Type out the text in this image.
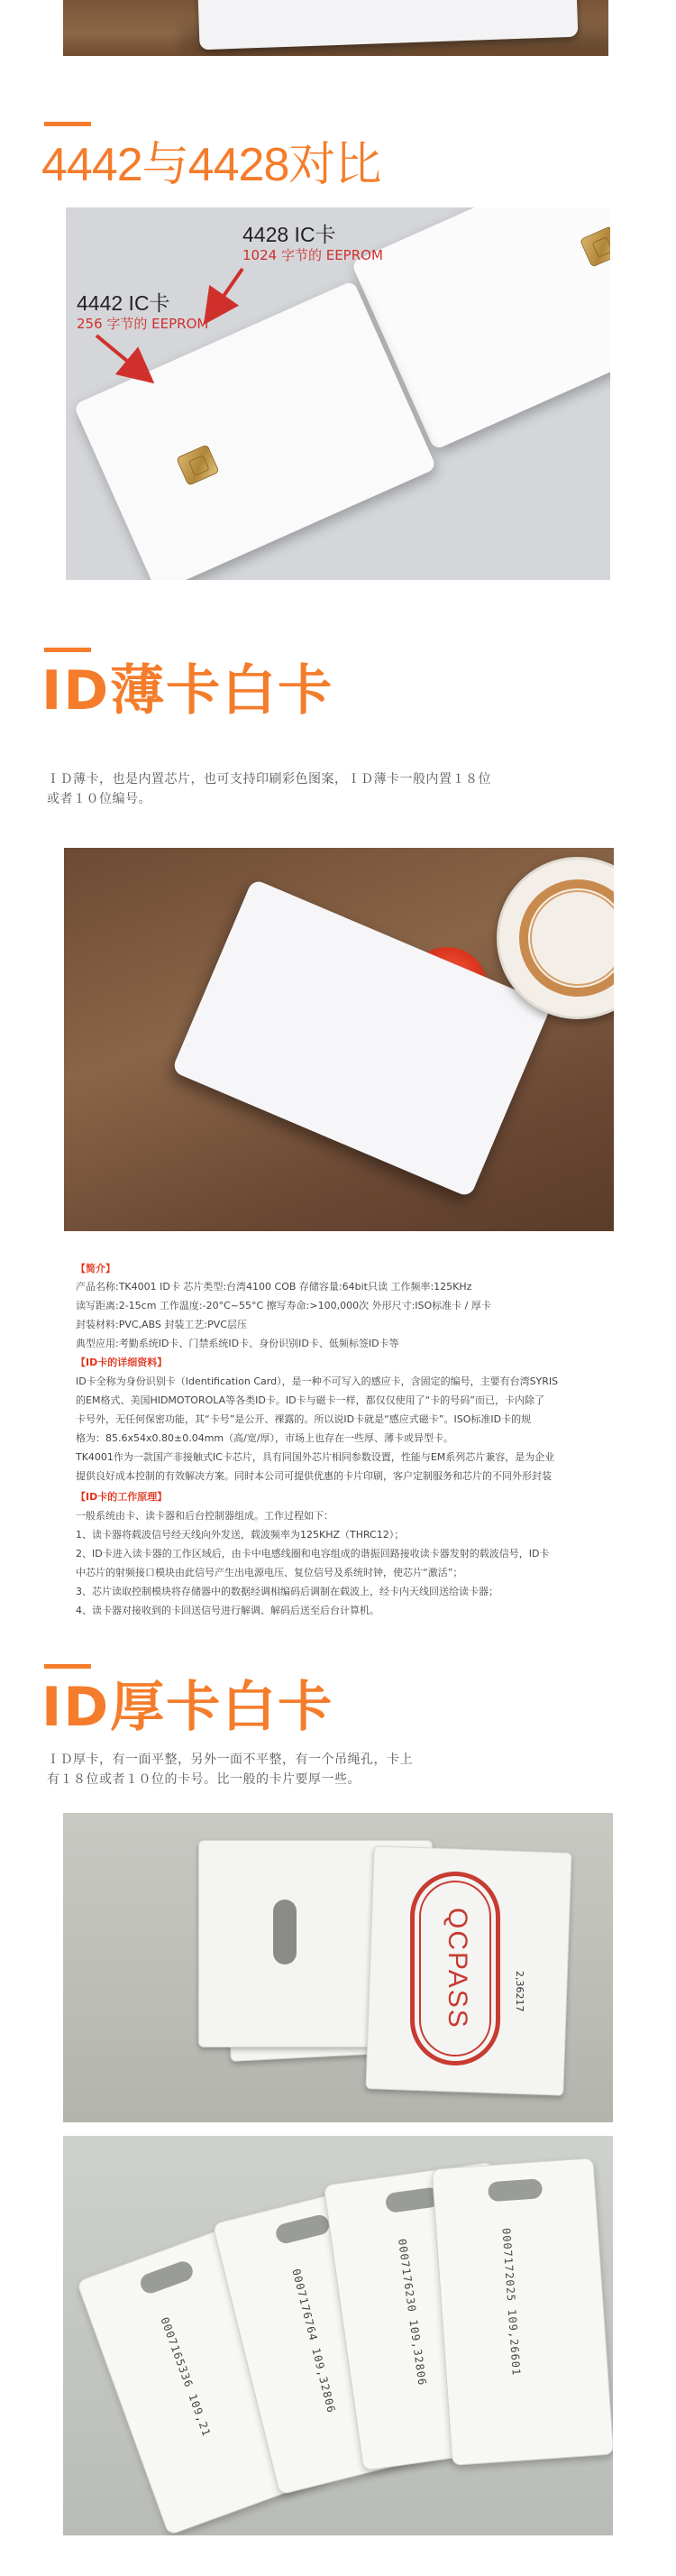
4442与4428对比
4428 IC卡
1024 字节的 EEPROM
4442 IC卡
256 字节的 EEPROM
ID薄卡白卡
ＩＤ薄卡，也是内置芯片，也可支持印刷彩色图案，ＩＤ薄卡一般内置１８位
或者１０位编号。
【简介】
产品名称:TK4001 ID卡 芯片类型:台湾4100 COB 存储容量:64bit只读 工作频率:125KHz
读写距离:2-15cm 工作温度:-20°C~55°C 擦写寿命:>100,000次 外形尺寸:ISO标准卡 / 厚卡
封装材料:PVC,ABS 封装工艺:PVC层压
典型应用:考勤系统ID卡、门禁系统ID卡、身份识别ID卡、低频标签ID卡等
【ID卡的详细资料】
ID卡全称为身份识别卡（Identification Card），是一种不可写入的感应卡，含固定的编号，主要有台湾SYRIS
的EM格式、美国HIDMOTOROLA等各类ID卡。ID卡与磁卡一样，都仅仅使用了“卡的号码”而已，卡内除了
卡号外，无任何保密功能，其“卡号”是公开、裸露的。所以说ID卡就是“感应式磁卡”。ISO标准ID卡的规
格为：85.6x54x0.80±0.04mm（高/宽/厚），市场上也存在一些厚、薄卡或异型卡。
TK4001作为一款国产非接触式IC卡芯片，具有同国外芯片相同参数设置，性能与EM系列芯片兼容，是为企业
提供良好成本控制的有效解决方案。同时本公司可提供优惠的卡片印刷，客户定制服务和芯片的不同外形封装
【ID卡的工作原理】
一般系统由卡、读卡器和后台控制器组成。工作过程如下：
1、读卡器将载波信号经天线向外发送，载波频率为125KHZ（THRC12）；
2、ID卡进入读卡器的工作区域后，由卡中电感线圈和电容组成的谐振回路接收读卡器发射的载波信号，ID卡
中芯片的射频接口模块由此信号产生出电源电压、复位信号及系统时钟，使芯片“激活”；
3、芯片读取控制模块将存储器中的数据经调相编码后调制在载波上，经卡内天线回送给读卡器；
4、读卡器对接收到的卡回送信号进行解调、解码后送至后台计算机。
ID厚卡白卡
ＩＤ厚卡，有一面平整，另外一面不平整，有一个吊绳孔，卡上
有１８位或者１０位的卡号。比一般的卡片要厚一些。
QCPASS	2,36217
0007165336 109,21	0007176764 109,32806	0007176230 109,32806	0007172025 109,26601
